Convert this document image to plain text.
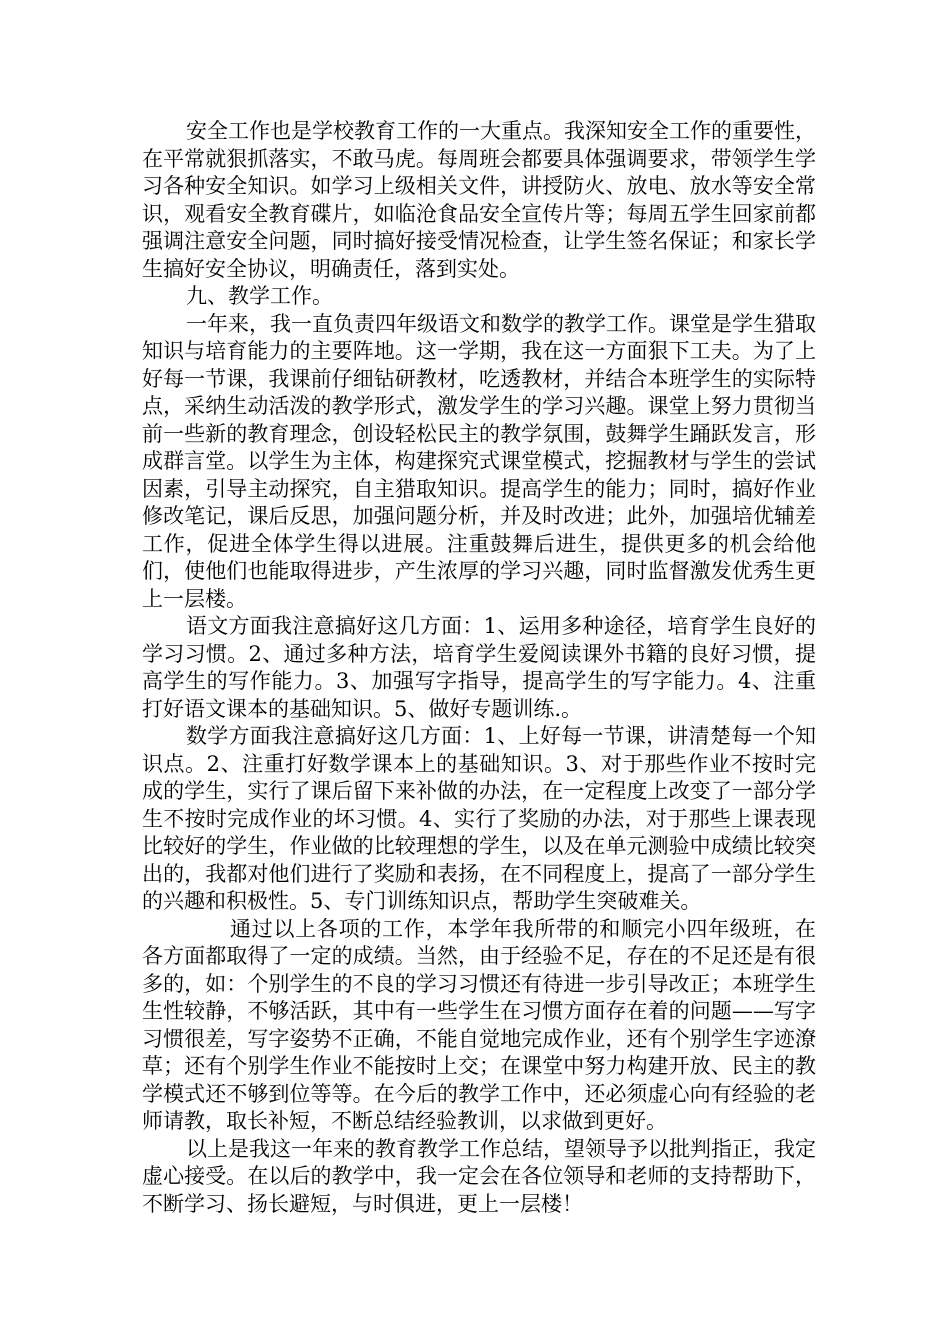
安全工作也是学校教育工作的一大重点。我深知安全工作的重要性，在平常就狠抓落实，不敢马虎。每周班会都要具体强调要求，带领学生学习各种安全知识。如学习上级相关文件，讲授防火、放电、放水等安全常识，观看安全教育碟片，如临沧食品安全宣传片等；每周五学生回家前都强调注意安全问题，同时搞好接受情况检查，让学生签名保证；和家长学生搞好安全协议，明确责任，落到实处。

九、教学工作。

一年来，我一直负责四年级语文和数学的教学工作。课堂是学生猎取知识与培育能力的主要阵地。这一学期，我在这一方面狠下工夫。为了上好每一节课，我课前仔细钻研教材，吃透教材，并结合本班学生的实际特点，采纳生动活泼的教学形式，激发学生的学习兴趣。课堂上努力贯彻当前一些新的教育理念，创设轻松民主的教学氛围，鼓舞学生踊跃发言，形成群言堂。以学生为主体，构建探究式课堂模式，挖掘教材与学生的尝试因素，引导主动探究，自主猎取知识。提高学生的能力；同时，搞好作业修改笔记，课后反思，加强问题分析，并及时改进；此外，加强培优辅差工作，促进全体学生得以进展。注重鼓舞后进生，提供更多的机会给他们，使他们也能取得进步，产生浓厚的学习兴趣，同时监督激发优秀生更上一层楼。

语文方面我注意搞好这几方面：1、运用多种途径，培育学生良好的学习习惯。2、通过多种方法，培育学生爱阅读课外书籍的良好习惯，提高学生的写作能力。3、加强写字指导，提高学生的写字能力。4、注重打好语文课本的基础知识。5、做好专题训练.。

数学方面我注意搞好这几方面：1、上好每一节课，讲清楚每一个知识点。2、注重打好数学课本上的基础知识。3、对于那些作业不按时完成的学生，实行了课后留下来补做的办法，在一定程度上改变了一部分学生不按时完成作业的坏习惯。4、实行了奖励的办法，对于那些上课表现比较好的学生，作业做的比较理想的学生，以及在单元测验中成绩比较突出的，我都对他们进行了奖励和表扬，在不同程度上，提高了一部分学生的兴趣和积极性。5、专门训练知识点，帮助学生突破难关。

通过以上各项的工作，本学年我所带的和顺完小四年级班，在各方面都取得了一定的成绩。当然，由于经验不足，存在的不足还是有很多的，如：个别学生的不良的学习习惯还有待进一步引导改正；本班学生生性较静，不够活跃，其中有一些学生在习惯方面存在着的问题——写字习惯很差，写字姿势不正确，不能自觉地完成作业，还有个别学生字迹潦草；还有个别学生作业不能按时上交；在课堂中努力构建开放、民主的教学模式还不够到位等等。在今后的教学工作中，还必须虚心向有经验的老师请教，取长补短，不断总结经验教训，以求做到更好。

以上是我这一年来的教育教学工作总结，望领导予以批判指正，我定虚心接受。在以后的教学中，我一定会在各位领导和老师的支持帮助下，不断学习、扬长避短，与时俱进，更上一层楼！
